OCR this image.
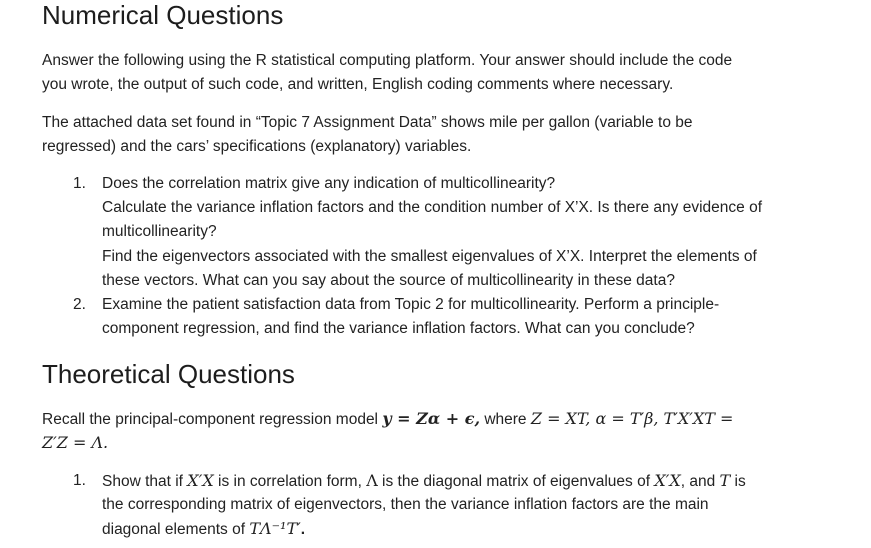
Numerical Questions

Answer the following using the R statistical computing platform. Your answer should include the code

you wrote, the output of such code, and written, English coding comments where necessary.

The attached data set found in “Topic 7 Assignment Data” shows mile per gallon (variable to be

regressed) and the cars’ specifications (explanatory) variables.

1. Does the correlation matrix give any indication of multicollinearity?
Calculate the variance inflation factors and the condition number of X’X. Is there any evidence of
multicollinearity?
Find the eigenvectors associated with the smallest eigenvalues of X’X. Interpret the elements of
these vectors. What can you say about the source of multicollinearity in these data?
2. Examine the patient satisfaction data from Topic 2 for multicollinearity. Perform a principle-
component regression, and find the variance inflation factors. What can you conclude?
Theoretical Questions

Recall the principal-component regression model y = Zα + ϵ, where Z = XT, α = T′β, T′X′XT =

Z′Z = Λ.

1. Show that if X′X is in correlation form, Λ is the diagonal matrix of eigenvalues of X′X, and T is
the corresponding matrix of eigenvectors, then the variance inflation factors are the main
diagonal elements of TΛ⁻¹T′.
